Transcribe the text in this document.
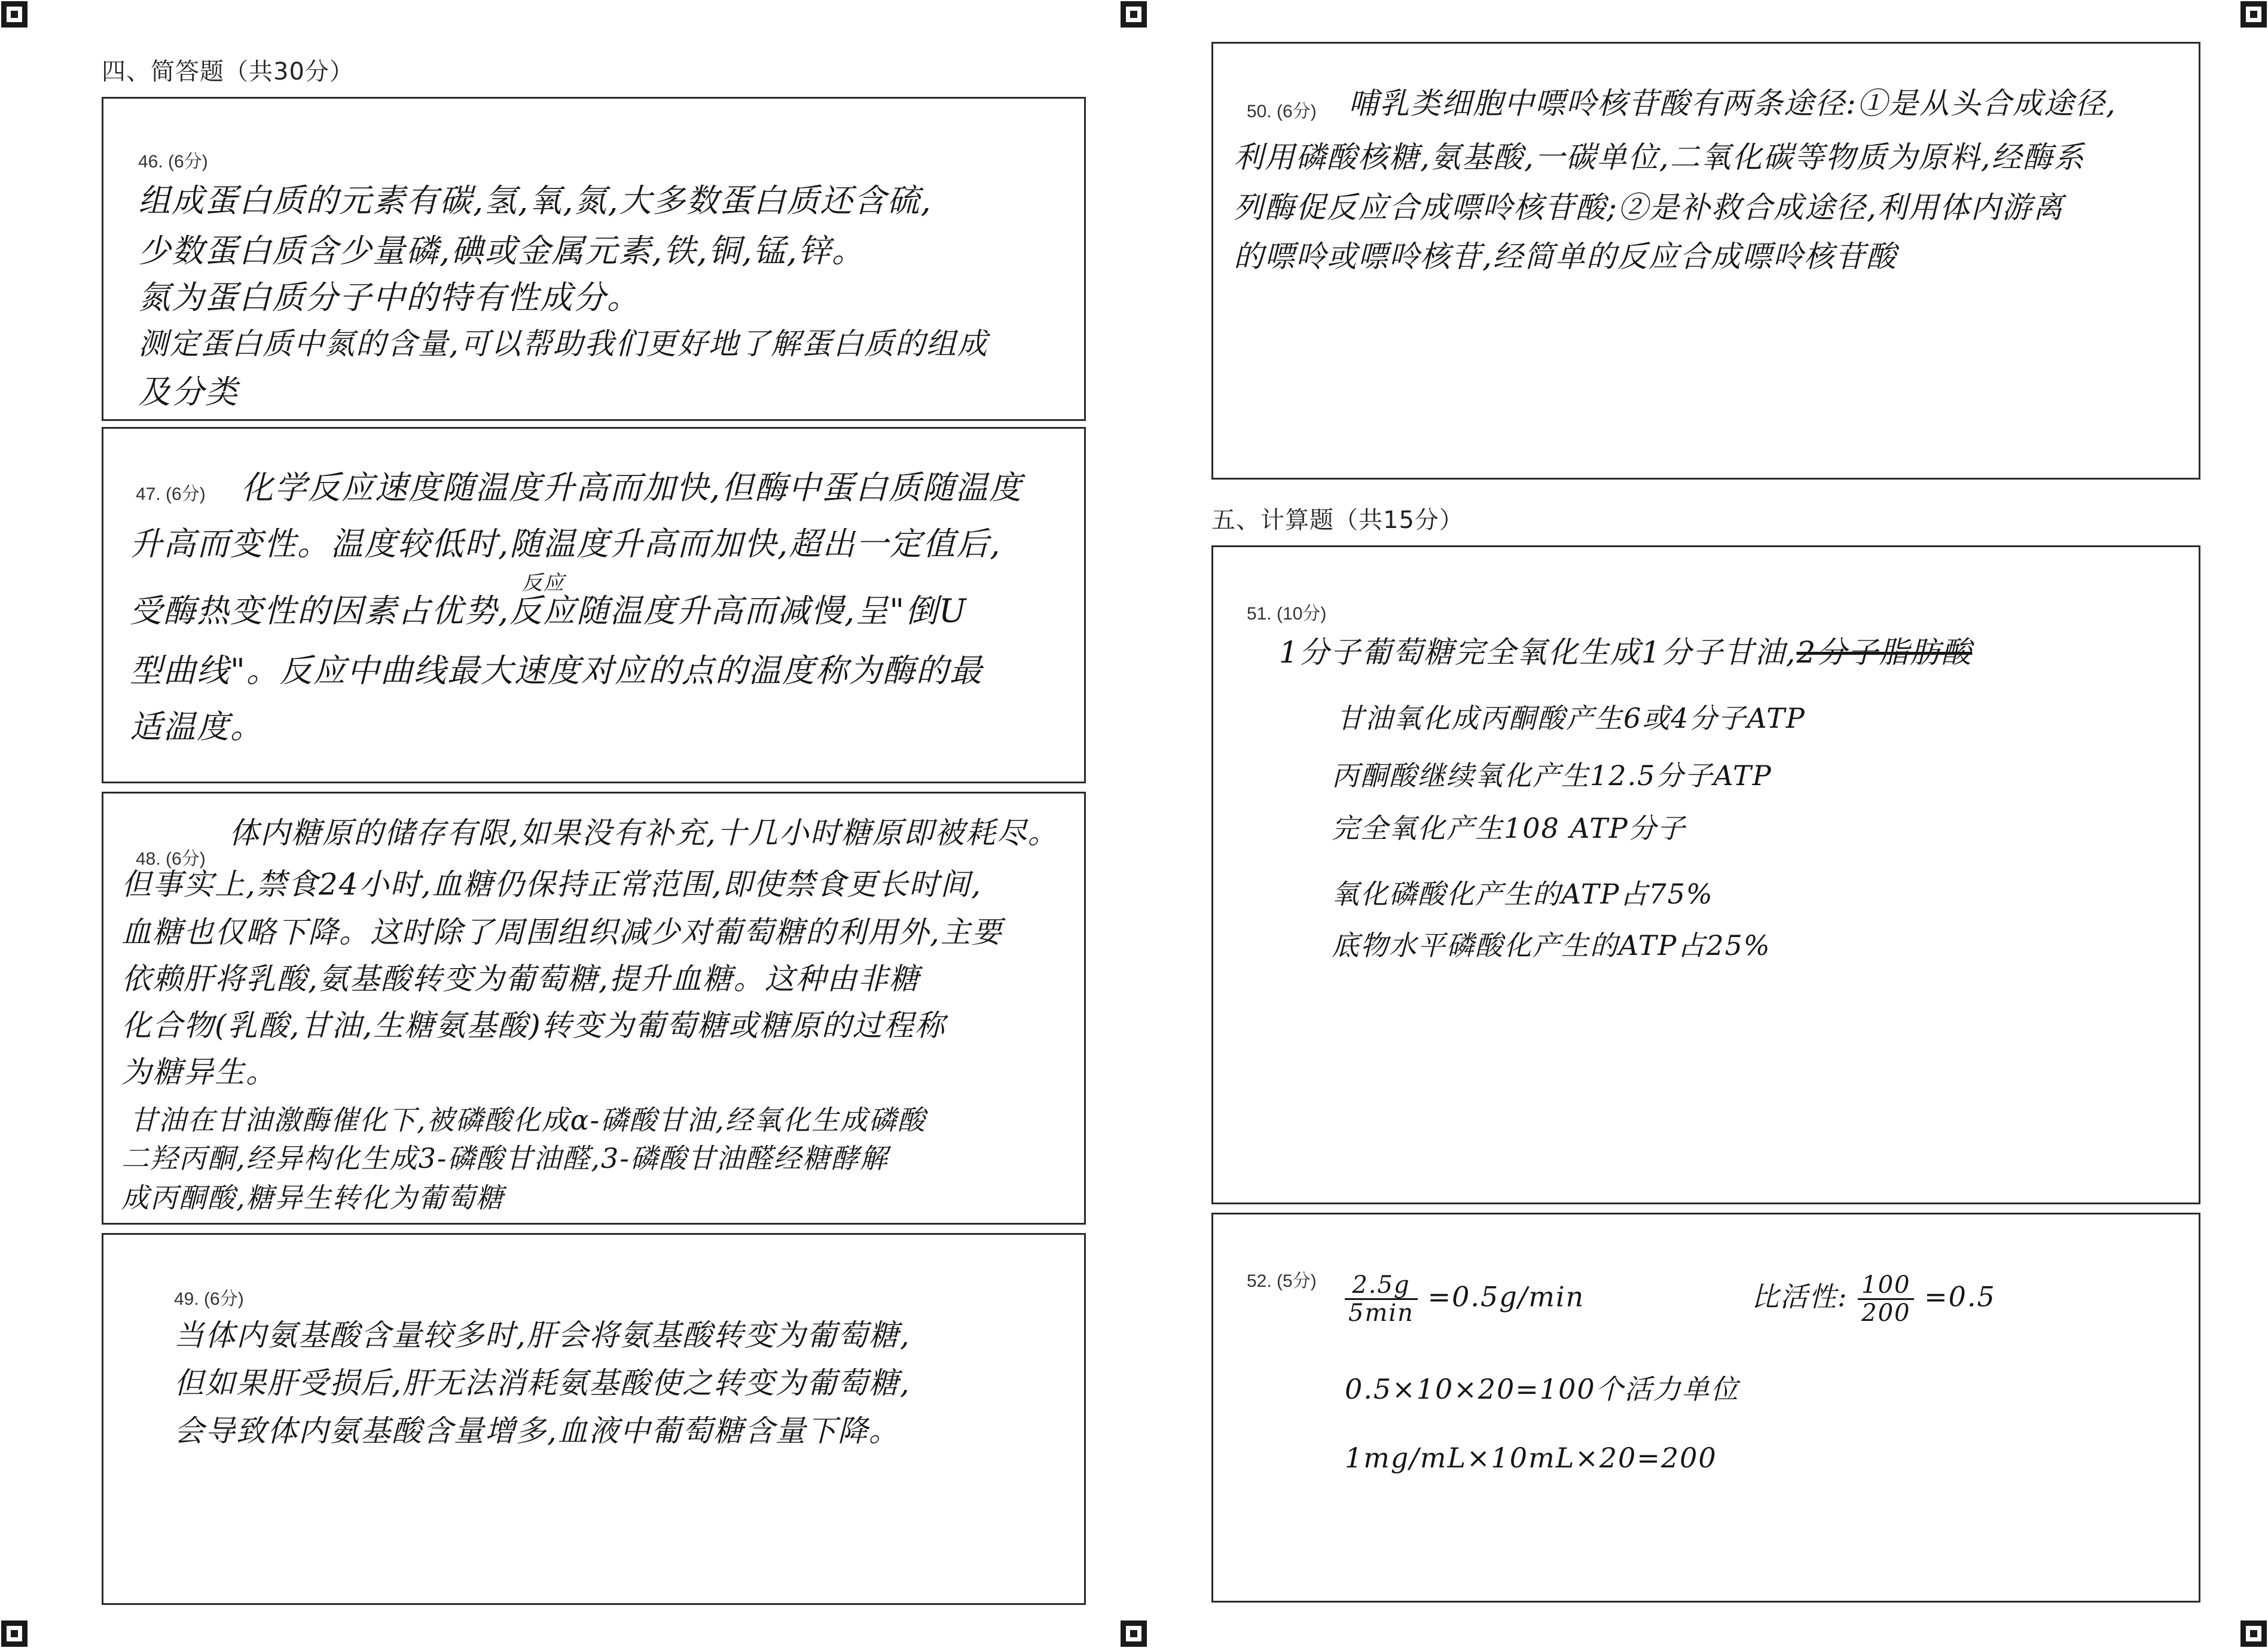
四、简答题（共30分）
46. (6分)
组成蛋白质的元素有碳,氢,氧,氮,大多数蛋白质还含硫,
少数蛋白质含少量磷,碘或金属元素,铁,铜,锰,锌。
氮为蛋白质分子中的特有性成分。
测定蛋白质中氮的含量,可以帮助我们更好地了解蛋白质的组成
及分类
47. (6分) 化学反应速度随温度升高而加快,但酶中蛋白质随温度
升高而变性。温度较低时,随温度升高而加快,超出一定值后,
反应
受酶热变性的因素占优势,反应随温度升高而减慢,呈"倒U
型曲线"。反应中曲线最大速度对应的点的温度称为酶的最
适温度。
48. (6分)
体内糖原的储存有限,如果没有补充,十几小时糖原即被耗尽。
但事实上,禁食24小时,血糖仍保持正常范围,即使禁食更长时间,
血糖也仅略下降。这时除了周围组织减少对葡萄糖的利用外,主要
依赖肝将乳酸,氨基酸转变为葡萄糖,提升血糖。这种由非糖
化合物(乳酸,甘油,生糖氨基酸)转变为葡萄糖或糖原的过程称
为糖异生。
甘油在甘油激酶催化下,被磷酸化成α-磷酸甘油,经氧化生成磷酸
二羟丙酮,经异构化生成3-磷酸甘油醛,3-磷酸甘油醛经糖酵解
成丙酮酸,糖异生转化为葡萄糖
49. (6分)
当体内氨基酸含量较多时,肝会将氨基酸转变为葡萄糖,
但如果肝受损后,肝无法消耗氨基酸使之转变为葡萄糖,
会导致体内氨基酸含量增多,血液中葡萄糖含量下降。
50. (6分) 哺乳类细胞中嘌呤核苷酸有两条途径:①是从头合成途径,
利用磷酸核糖,氨基酸,一碳单位,二氧化碳等物质为原料,经酶系
列酶促反应合成嘌呤核苷酸;②是补救合成途径,利用体内游离
的嘌呤或嘌呤核苷,经简单的反应合成嘌呤核苷酸
五、计算题（共15分）
51. (10分)
1分子葡萄糖完全氧化生成1分子甘油,2分子脂肪酸
甘油氧化成丙酮酸产生6或4分子ATP
丙酮酸继续氧化产生12.5分子ATP
完全氧化产生108 ATP分子
氧化磷酸化产生的ATP占75%
底物水平磷酸化产生的ATP占25%
52. (5分) $\frac{2.5g}{5\min} =0.5g/\min$	比活性: $\frac{100}{200} =0.5$
0.5×10×20=100个活力单位
1mg/mL×10mL×20=200
